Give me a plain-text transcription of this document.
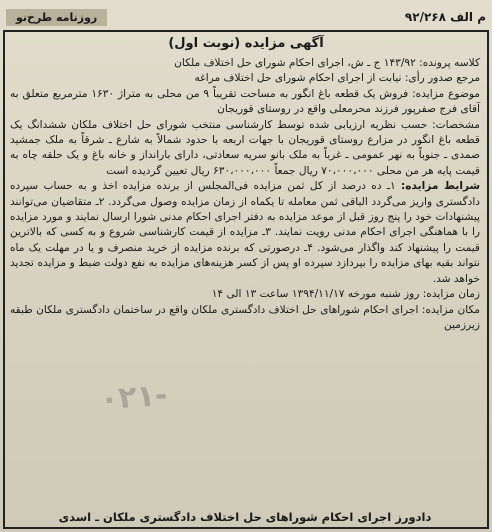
م الف ۹۲/۲۶۸
روزنامه طرح‌نو
آگهی مزایده (نوبت اول)

کلاسه پرونده: ۱۴۳/۹۲ ج ـ ش، اجرای احکام شورای حل اختلاف ملکان

مرجع صدور رأی: نیابت از اجرای احکام شورای حل اختلاف مراغه

موضوع مزایده: فروش یک قطعه باغ انگور به مساحت تقریباً ۹ من محلی به متراژ ۱۶۳۰ مترمربع متعلق به آقای فرج صفرپور فرزند محرمعلی واقع در روستای قوریجان

مشخصات: حسب نظریه ارزیابی شده توسط کارشناسی منتخب شورای حل اختلاف ملکان ششدانگ یک قطعه باغ انگور در مزارع روستای قوریجان با جهات اربعه با حدود شمالاً به شارع ـ شرقاً به ملک جمشید صمدی ـ جنوباً به نهر عمومی ـ غرباً به ملک بانو سریه سعادتی، دارای بارانداز و خانه باغ و یک حلقه چاه به قیمت پایه هر من محلی ۷۰،۰۰۰،۰۰۰ ریال جمعاً ۶۳۰،۰۰۰،۰۰۰ ریال تعیین گردیده است

شرایط مزایده: ۱ـ ده درصد از کل ثمن مزایده فی‌المجلس از برنده مزایده اخذ و به حساب سپرده دادگستری واریز می‌گردد الباقی ثمن معامله تا یکماه از زمان مزایده وصول می‌گردد. ۲ـ متقاضیان می‌توانند پیشنهادات خود را پنج روز قبل از موعد مزایده به دفتر اجرای احکام مدنی شورا ارسال نمایند و مورد مزایده را با هماهنگی اجرای احکام مدنی رویت نمایند. ۳ـ مزایده از قیمت کارشناسی شروع و به کسی که بالاترین قیمت را پیشنهاد کند واگذار می‌شود. ۴ـ درصورتی که برنده مزایده از خرید منصرف و یا در مهلت یک ماه نتواند بقیه بهای مزایده را بپردازد سپرده او پس از کسر هزینه‌های مزایده به نفع دولت ضبط و مزایده تجدید خواهد شد.

زمان مزایده: روز شنبه مورخه ۱۳۹۴/۱۱/۱۷ ساعت ۱۳ الی ۱۴

مکان مزایده: اجرای احکام شوراهای حل اختلاف دادگستری ملکان واقع در ساختمان دادگستری ملکان طبقه زیرزمین

۰۲۱-
دادورز اجرای احکام شوراهای حل اختلاف دادگستری ملکان ـ اسدی
